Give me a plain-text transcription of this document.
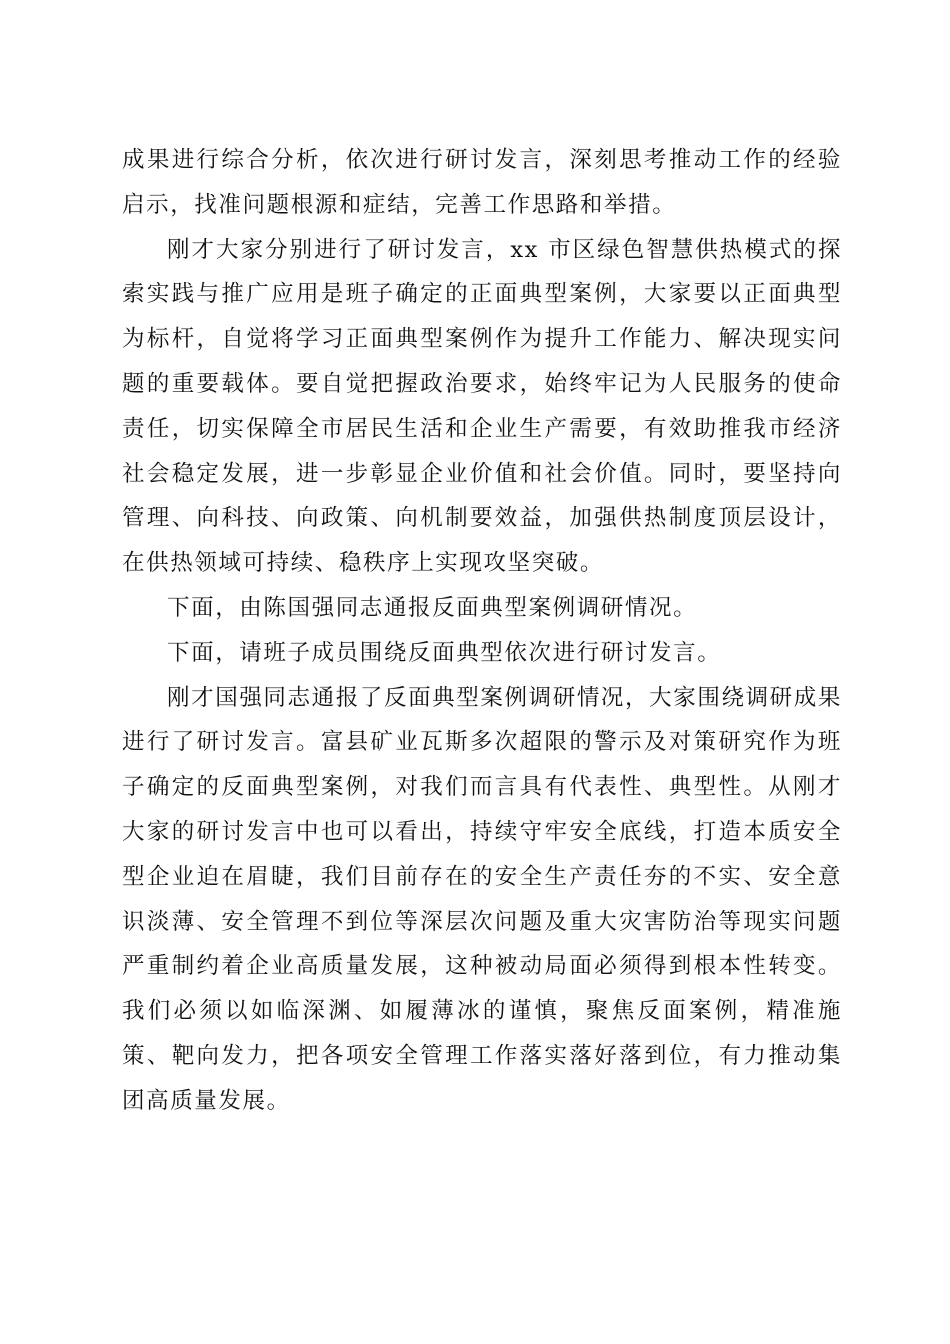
成果进行综合分析，依次进行研讨发言，深刻思考推动工作的经验启示，找准问题根源和症结，完善工作思路和举措。

刚才大家分别进行了研讨发言，xx 市区绿色智慧供热模式的探索实践与推广应用是班子确定的正面典型案例，大家要以正面典型为标杆，自觉将学习正面典型案例作为提升工作能力、解决现实问题的重要载体。要自觉把握政治要求，始终牢记为人民服务的使命责任，切实保障全市居民生活和企业生产需要，有效助推我市经济社会稳定发展，进一步彰显企业价值和社会价值。同时，要坚持向管理、向科技、向政策、向机制要效益，加强供热制度顶层设计，在供热领域可持续、稳秩序上实现攻坚突破。

下面，由陈国强同志通报反面典型案例调研情况。

下面，请班子成员围绕反面典型依次进行研讨发言。

刚才国强同志通报了反面典型案例调研情况，大家围绕调研成果进行了研讨发言。富县矿业瓦斯多次超限的警示及对策研究作为班子确定的反面典型案例，对我们而言具有代表性、典型性。从刚才大家的研讨发言中也可以看出，持续守牢安全底线，打造本质安全型企业迫在眉睫，我们目前存在的安全生产责任夯的不实、安全意识淡薄、安全管理不到位等深层次问题及重大灾害防治等现实问题严重制约着企业高质量发展，这种被动局面必须得到根本性转变。我们必须以如临深渊、如履薄冰的谨慎，聚焦反面案例，精准施策、靶向发力，把各项安全管理工作落实落好落到位，有力推动集团高质量发展。
